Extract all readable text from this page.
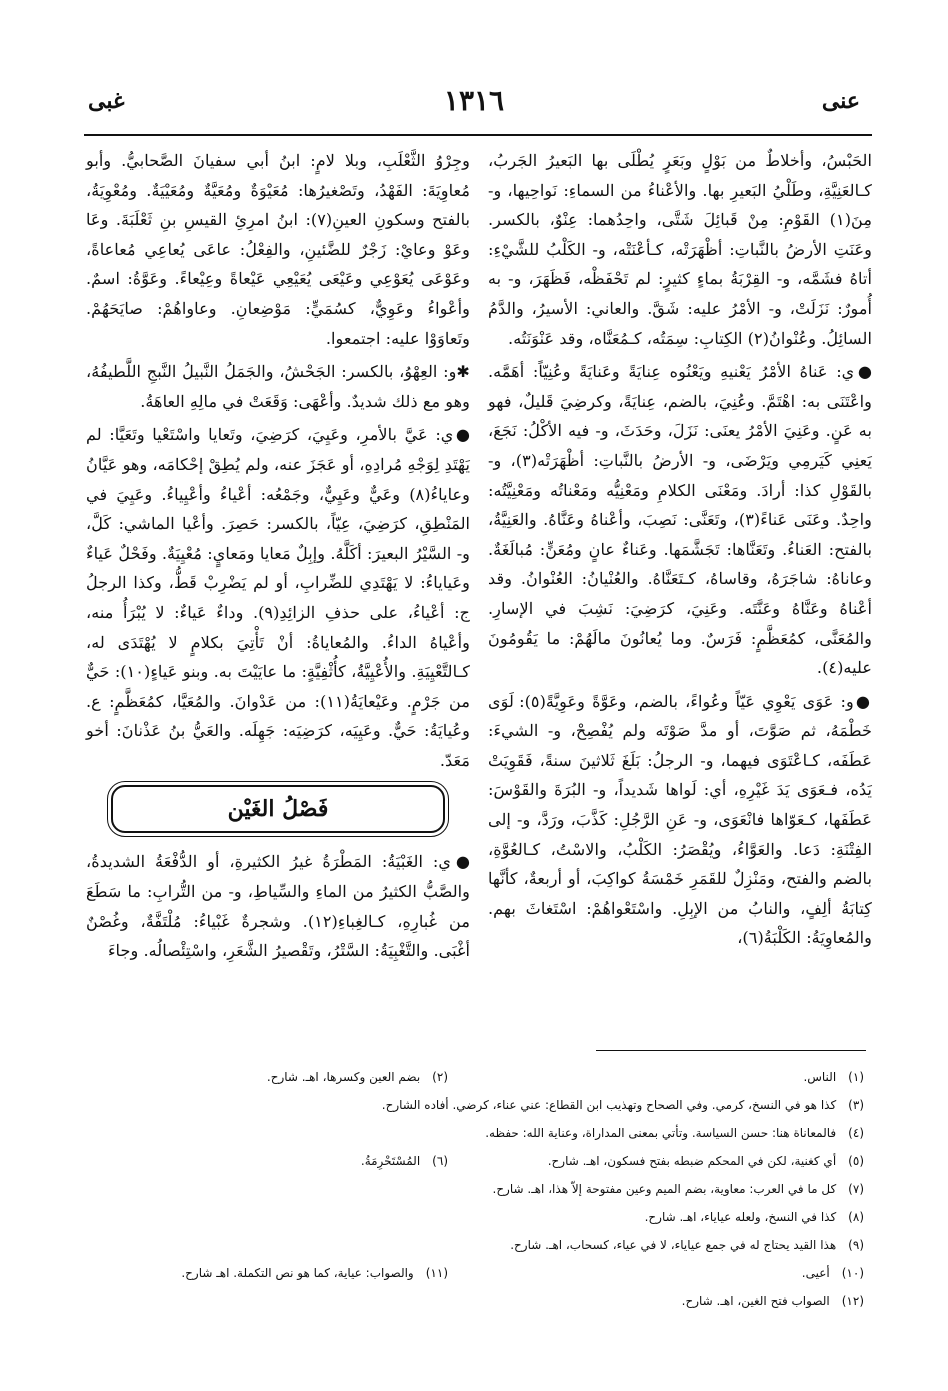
عنى
١٣١٦
غبى

الحَبْسُ، وأخلاطٌ من بَوْلٍ وبَعَرٍ يُطْلَى بها البَعيرُ الجَربُ، كـالعَنِيَّةِ، وطَلْيُ البَعيرِ بها. والأعْناءُ من السماءِ: نَواحِيها، و- مِنَ(١) القَوْمِ: مِنْ قَبائِلَ شَتَّى، واحِدُهما: عِنْوٌ، بالكسر. وعَنَتِ الأرضُ بالنَّباتِ: أظْهَرَتْه، كـأعْنَتْه، و- الكَلْبُ للشَّيْءِ: أتاهُ فشَمَّه، و- القِرْبَةُ بماءٍ كثيرٍ: لم تَحْفَظْه، فَظَهَرَ، و- به أُمورٌ: نَزَلَتْ، و- الأمْرُ عليه: شَقَّ. والعاني: الأسيرُ، والدَّمُ السائِلُ. وعُنْوانُ(٢) الكِتابِ: سِمَتُه، كـمُعَنَّاه، وقد عَنْوَنَتُه.

●ي: عَناهُ الأمْرُ يَعْنيهِ ويَعْنُوه عِنايَةً وعَنايَةً وعُنِيّاً: أهَمَّه. واعْتَنَى به: اهْتَمَّ. وعُنِيَ، بالضم، عِنايَةً، وكرضِيَ قَليلٌ، فهو به عَنٍ. وعَنِيَ الأمْرُ يعنَى: نَزَلَ، وحَدَثَ، و- فيه الأكْلُ: نَجَعَ، يَعنِي كَيَرمِي ويَرْضَى، و- الأرضُ بالنَّباتِ: أظْهَرَتْه(٣)، و- بالقَوْلِ كذا: أرادَ. ومَعْنَى الكلامِ ومَعْنِيُّه ومَعْناتُه ومَعْنِيَّتُه: واحِدٌ. وعَنَى عَناءً(٣)، وتَعَنَّى: نَصِبَ، وأعْناهُ وعَنَّاهُ. والعَنِيَّةُ، بالفتح: العَناءُ. وتَعَنَّاها: تَجَشَّمَها. وعَناءٌ عانٍ ومُعَنٍّ: مُبالَغَةٌ. وعاناهُ: شاجَرَهُ، وقاساهُ، كـتَعَنَّاهُ. والعُنْيانُ: العُنْوانُ. وقد أعْناهُ وعَنَّاهُ وعَنَّتَه. وعَنِيَ، كرَضِيَ: نَشِبَ في الإسارِ. والمُعَنَّى، كمُعَظَّمٍ: فَرَسٌ. وما يُعانُونَ مالَهُمْ: ما يَقُومُونَ عليه(٤).

●و: عَوَى يَعْوِي عَيّاً وعُواءً، بالضم، وعَوَّةً وعَوِيَّةً(٥): لَوَى خَطْمَهُ، ثم صَوَّتَ، أو مدَّ صَوْتَه ولم يُفْصِحْ، و- الشيءَ: عَطَفَه، كـاعْتَوَى فيهما، و- الرجلُ: بَلَغَ ثَلاثينَ سنةً، فَقَوِيَتْ يَدُه، فـعَوَى يَدَ غَيْرِهِ، أي: لَواها شَديداً، و- البُرَةَ والقَوْسَ: عَطَفَها، كـعَوّاها فانْعَوَى، و- عَنِ الرَّجُلِ: كَذَّبَ، ورَدَّ، و- إلى الفِتْنَةِ: دَعا. والعَوَّاءُ، ويُقْصَرُ: الكَلْبُ، والاسْتُ، كـالعُوَّةِ، بالضم والفتح، ومَنْزِلٌ للقَمَرِ خَمْسَةُ كواكِبَ، أو أربعةٌ، كأنَّها كِتابَةُ ألِفٍ، والنابُ من الإبِلِ. واسْتَعْواهُمْ: اسْتَغاثَ بهم. والمُعاوِيَةُ: الكَلْبَةُ(٦)،

وجِرْوُ الثَّعْلَبِ، وبلا لامٍ: ابنُ أبي سفيانَ الصَّحابيُّ. وأبو مُعاوِيَةَ: الفَهْدُ، وتَصْغيرُها: مُعَيْوَةٌ ومُعَيَّةٌ ومُعَيْيَةٌ. ومُعْوِيَةُ، بالفتح وسكونِ العينِ(٧): ابنُ امرِئِ القيسِ بنِ ثَعْلَبَةَ. وعَا وعَوْ وعايْ: زَجْرٌ للضَّئينِ، والفِعْلُ: عاعَى يُعاعِي مُعاعاةً، وعَوْعَى يُعَوْعِي وعَيْعَى يُعَيْعِي عَيْعاةً وعِيْعاءً. وعَوَّةُ: اسمٌ. وأعْواءُ وعَوِيٌّ، كسُمَيٍّ: مَوْضِعانِ. وعاواهُمْ: صايَحَهُمْ. وتَعاوَوْا عليه: اجتمعوا.

✱و: العِهْوُ، بالكسر: الجَحْشُ، والجَمَلُ النَّبيلُ النَّبجِ اللَّطيفُهُ، وهو مع ذلك شديدٌ. وأعْهَى: وَقَعَتْ في مالِهِ العاهَةُ.

●ي: عَيَّ بالأمرِ، وعَيِيَ، كرَضِيَ، وتَعايا واسْتَعْيا وتَعَيَّا: لم يَهْتَدِ لِوَجْهِ مُرادِهِ، أو عَجَزَ عنه، ولم يُطِقْ إحْكامَه، وهو عَيَّانُ وعاياءُ(٨) وعَيٌّ وعَيِيٌّ، وجَمْعُه: أعْياءُ وأعْيِياءُ. وعَيِيَ في المَنْطِقِ، كرَضِيَ، عِيّاً، بالكسر: حَصِرَ. وأعْيا الماشي: كَلَّ، و- السَّيْرُ البعيرَ: أكَلَّهُ. وإبِلٌ مَعايا ومَعايٍ: مُعْيِيَةٌ. وفَحْلٌ عَياءٌ وعَياياءُ: لا يَهْتَدِي للضِّرابِ، أو لم يَضْرِبْ قَطُّ، وكذا الرجلُ ج: أعْياءُ، على حذفِ الزائِدِ(٩). وداءٌ عَياءٌ: لا يُبْرَأُ منه، وأعْياهُ الداءُ. والمُعاياةُ: أنْ تَأْتِيَ بكلامٍ لا يُهْتَدَى له، كـالتَّعْيِيَةِ. والأُعْيِيَّةُ، كأُثْفِيَّةٍ: ما عايَيْتَ به. وبنو عَياءٍ(١٠): حَيٌّ من جَرْمٍ. وعَيْعايَةُ(١١): من عَدْوانَ. والمُعَيَّا، كمُعَظَّمٍ: ع. وعُيايَةُ: حَيٌّ. وعَيِيَه، كرَضِيَه: جَهِلَه. والعَيُّ بنُ عَذْنانَ: أخو مَعَدّ.

فَصْلُ الغَيْن

●ي: الغَبْيَةُ: المَطْرَةُ غيرُ الكثيرةِ، أو الدُّفْعَةُ الشديدةُ، والصَّبُّ الكثيرُ من الماءِ والسِّياطِ، و- من التُّرابِ: ما سَطَعَ من غُبارِهِ، كـالغِباءِ(١٢). وشجرةٌ غَبْياءُ: مُلْتَفَّةٌ، وغُصْنٌ أغْبَى. والتَّغْبِيَةُ: السَّتْرُ، وتَقْصيرُ الشَّعَرِ، واسْتِئْصالُه. وجاءَ

(١)الناس.
(٣)كذا هو في النسخ، كرمي. وفي الصحاح وتهذيب ابن القطاع: عني عناء، كرضي. أفاده الشارح.
(٤)فالمعاناة هنا: حسن السياسة. وتأتي بمعنى المداراة، وعناية الله: حفظه.
(٥)أي كغنية، لكن في المحكم ضبطه بفتح فسكون، اهـ. شارح.
(٧)كل ما في العرب: معاوية، بضم الميم وعين مفتوحة إلاّ هذا، اهـ. شارح.
(٨)كذا في النسخ، ولعله عياياء، اهـ. شارح.
(٩)هذا القيد يحتاج له في جمع عياياء، لا في عياء، كسحاب، اهـ. شارح.
(١٠)أعيى.
(١٢)الصواب فتح الغين، اهـ. شارح.
(٢)بضم العين وكسرها، اهـ. شارح.
(٦)المُسْتَحْرِمَةُ.
(١١)والصواب: عياية، كما هو نص التكملة. اهـ شارح.
